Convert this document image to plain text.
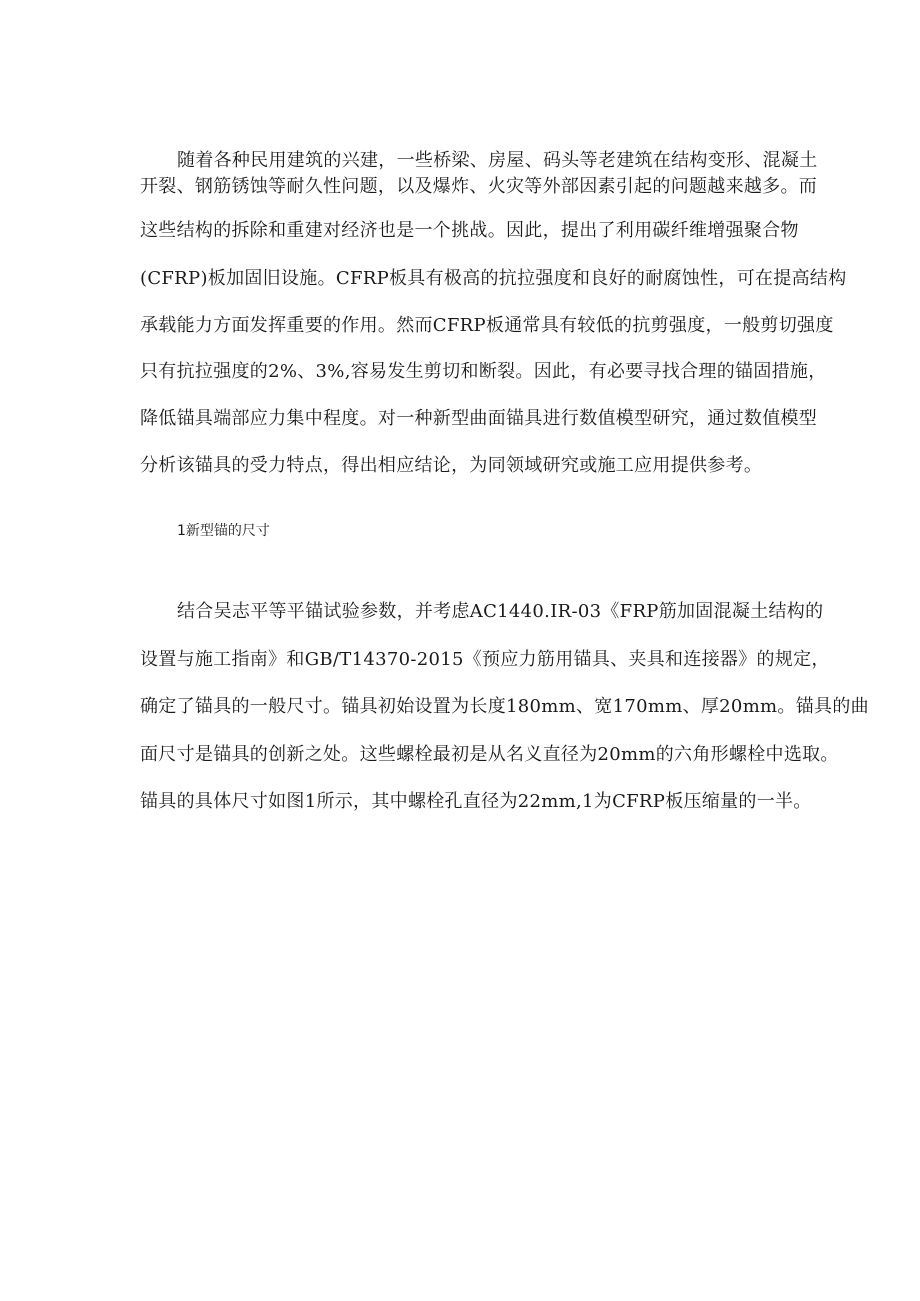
随着各种民用建筑的兴建，一些桥梁、房屋、码头等老建筑在结构变形、混凝土
开裂、钢筋锈蚀等耐久性问题，以及爆炸、火灾等外部因素引起的问题越来越多。而
这些结构的拆除和重建对经济也是一个挑战。因此，提出了利用碳纤维增强聚合物
(CFRP)板加固旧设施。CFRP板具有极高的抗拉强度和良好的耐腐蚀性，可在提高结构
承载能力方面发挥重要的作用。然而CFRP板通常具有较低的抗剪强度，一般剪切强度
只有抗拉强度的2%、3%,容易发生剪切和断裂。因此，有必要寻找合理的锚固措施，
降低锚具端部应力集中程度。对一种新型曲面锚具进行数值模型研究，通过数值模型
分析该锚具的受力特点，得出相应结论，为同领域研究或施工应用提供参考。
1新型锚的尺寸
结合吴志平等平锚试验参数，并考虑AC1440.IR-03《FRP筋加固混凝土结构的
设置与施工指南》和GB/T14370-2015《预应力筋用锚具、夹具和连接器》的规定，
确定了锚具的一般尺寸。锚具初始设置为长度180mm、宽170mm、厚20mm。锚具的曲
面尺寸是锚具的创新之处。这些螺栓最初是从名义直径为20mm的六角形螺栓中选取。
锚具的具体尺寸如图1所示，其中螺栓孔直径为22mm,1为CFRP板压缩量的一半。
